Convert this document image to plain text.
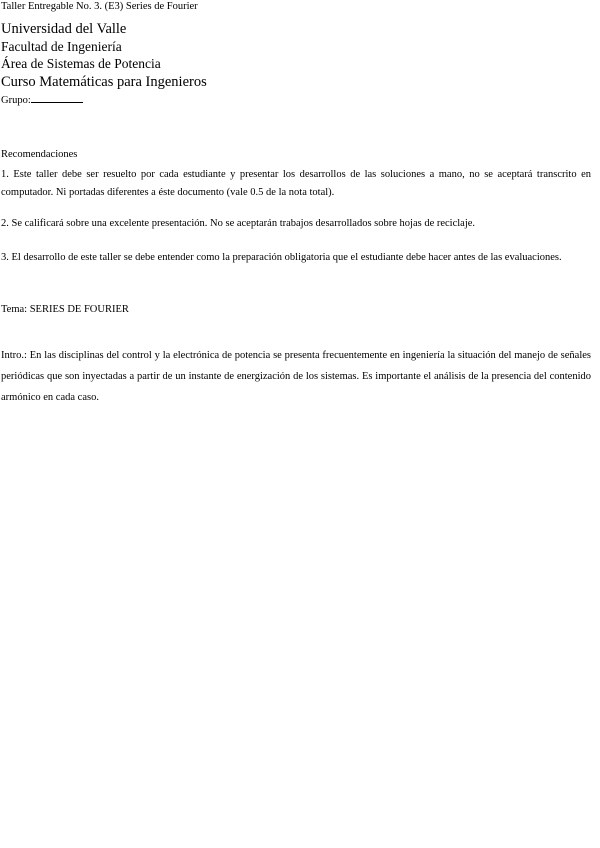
Taller Entregable No. 3. (E3) Series de Fourier
Universidad del Valle
Facultad de Ingeniería
Área de Sistemas de Potencia
Curso Matemáticas para Ingenieros
Grupo:
Recomendaciones
1. Este taller debe ser resuelto por cada estudiante y presentar los desarrollos de las soluciones a mano, no se aceptará transcrito en computador. Ni portadas diferentes a éste documento (vale 0.5 de la nota total).
2. Se calificará sobre una excelente presentación. No se aceptarán trabajos desarrollados sobre hojas de reciclaje.
3. El desarrollo de este taller se debe entender como la preparación obligatoria que el estudiante debe hacer antes de las evaluaciones.
Tema: SERIES DE FOURIER
Intro.: En las disciplinas del control y la electrónica de potencia se presenta frecuentemente en ingeniería la situación del manejo de señales periódicas que son inyectadas a partir de un instante de energización de los sistemas. Es importante el análisis de la presencia del contenido armónico en cada caso.
